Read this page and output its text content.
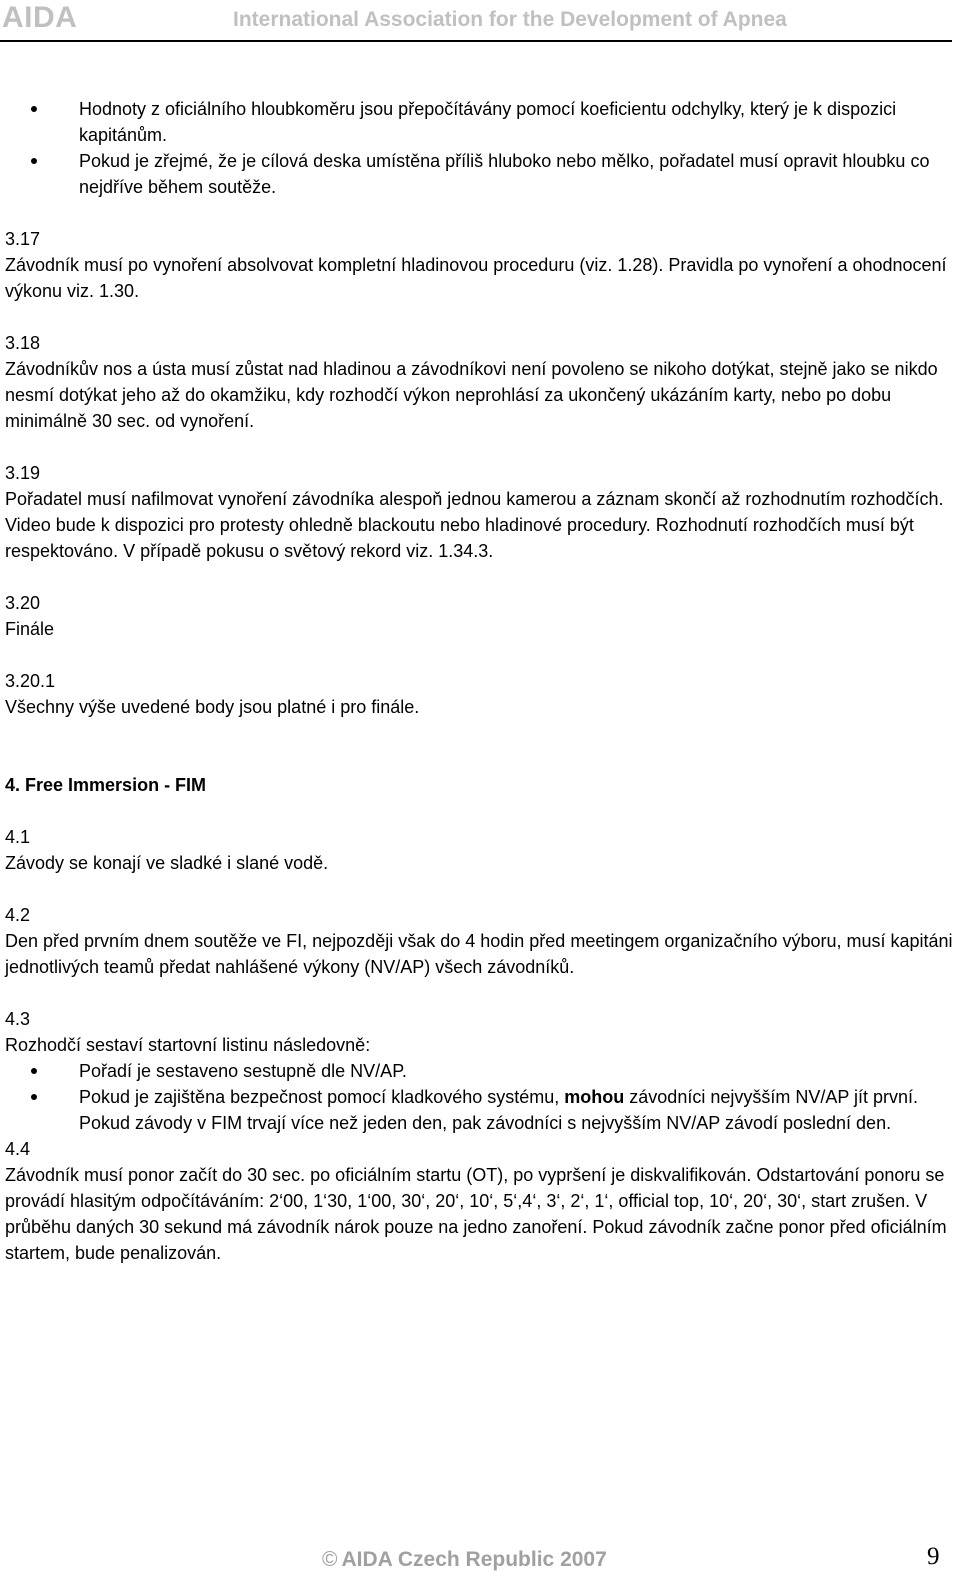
AIDA	International Association for the Development of Apnea
Hodnoty z oficiálního hloubkoměru jsou přepočítávány pomocí koeficientu odchylky, který je k dispozici kapitánům.
Pokud je zřejmé, že je cílová deska umístěna příliš hluboko nebo mělko, pořadatel musí opravit hloubku co nejdříve během soutěže.

3.17

Závodník musí po vynoření absolvovat kompletní hladinovou proceduru (viz. 1.28). Pravidla po vynoření a ohodnocení výkonu viz. 1.30.

3.18

Závodníkův nos a ústa musí zůstat nad hladinou a závodníkovi není povoleno se nikoho dotýkat, stejně jako se nikdo nesmí dotýkat jeho až do okamžiku, kdy rozhodčí výkon neprohlásí za ukončený ukázáním karty, nebo po dobu minimálně 30 sec. od vynoření.

3.19

Pořadatel musí nafilmovat vynoření závodníka alespoň jednou kamerou a záznam skončí až rozhodnutím rozhodčích. Video bude k dispozici pro protesty ohledně blackoutu nebo hladinové procedury. Rozhodnutí rozhodčích musí být respektováno. V případě pokusu o světový rekord viz. 1.34.3.

3.20

Finále

3.20.1

Všechny výše uvedené body jsou platné i pro finále.

4. Free Immersion - FIM

4.1

Závody se konají ve sladké i slané vodě.

4.2

Den před prvním dnem soutěže ve FI, nejpozději však do 4 hodin před meetingem organizačního výboru, musí kapitáni jednotlivých teamů předat nahlášené výkony (NV/AP) všech závodníků.

4.3

Rozhodčí sestaví startovní listinu následovně:

Pořadí je sestaveno sestupně dle NV/AP.
Pokud je zajištěna bezpečnost pomocí kladkového systému, mohou závodníci nejvyšším NV/AP jít první. Pokud závody v FIM trvají více než jeden den, pak závodníci s nejvyšším NV/AP závodí poslední den.

4.4

Závodník musí ponor začít do 30 sec. po oficiálním startu (OT), po vypršení je diskvalifikován. Odstartování ponoru se provádí hlasitým odpočítáváním: 2‘00, 1‘30, 1‘00, 30‘, 20‘, 10‘, 5‘,4‘, 3‘, 2‘, 1‘, official top, 10‘, 20‘, 30‘, start zrušen. V průběhu daných 30 sekund má závodník nárok pouze na jedno zanoření. Pokud závodník začne ponor před oficiálním startem, bude penalizován.

© AIDA Czech Republic 2007	9
